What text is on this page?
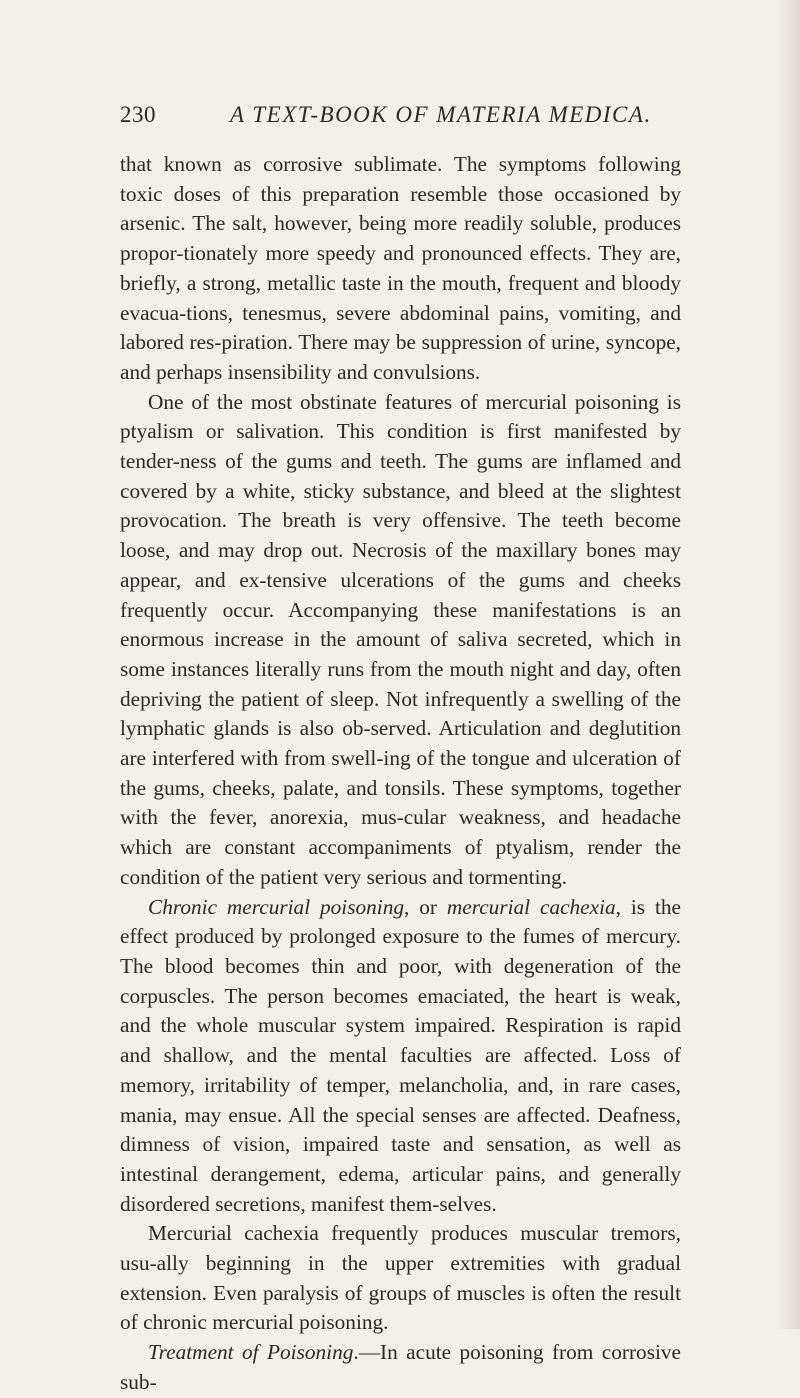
230	A TEXT-BOOK OF MATERIA MEDICA.

that known as corrosive sublimate. The symptoms following toxic doses of this preparation resemble those occasioned by arsenic. The salt, however, being more readily soluble, produces propor-tionately more speedy and pronounced effects. They are, briefly, a strong, metallic taste in the mouth, frequent and bloody evacua-tions, tenesmus, severe abdominal pains, vomiting, and labored res-piration. There may be suppression of urine, syncope, and perhaps insensibility and convulsions.

One of the most obstinate features of mercurial poisoning is ptyalism or salivation. This condition is first manifested by tender-ness of the gums and teeth. The gums are inflamed and covered by a white, sticky substance, and bleed at the slightest provocation. The breath is very offensive. The teeth become loose, and may drop out. Necrosis of the maxillary bones may appear, and ex-tensive ulcerations of the gums and cheeks frequently occur. Accompanying these manifestations is an enormous increase in the amount of saliva secreted, which in some instances literally runs from the mouth night and day, often depriving the patient of sleep. Not infrequently a swelling of the lymphatic glands is also ob-served. Articulation and deglutition are interfered with from swell-ing of the tongue and ulceration of the gums, cheeks, palate, and tonsils. These symptoms, together with the fever, anorexia, mus-cular weakness, and headache which are constant accompaniments of ptyalism, render the condition of the patient very serious and tormenting.

Chronic mercurial poisoning, or mercurial cachexia, is the effect produced by prolonged exposure to the fumes of mercury. The blood becomes thin and poor, with degeneration of the corpuscles. The person becomes emaciated, the heart is weak, and the whole muscular system impaired. Respiration is rapid and shallow, and the mental faculties are affected. Loss of memory, irritability of temper, melancholia, and, in rare cases, mania, may ensue. All the special senses are affected. Deafness, dimness of vision, impaired taste and sensation, as well as intestinal derangement, edema, articular pains, and generally disordered secretions, manifest them-selves.

Mercurial cachexia frequently produces muscular tremors, usu-ally beginning in the upper extremities with gradual extension. Even paralysis of groups of muscles is often the result of chronic mercurial poisoning.

Treatment of Poisoning.—In acute poisoning from corrosive sub-
